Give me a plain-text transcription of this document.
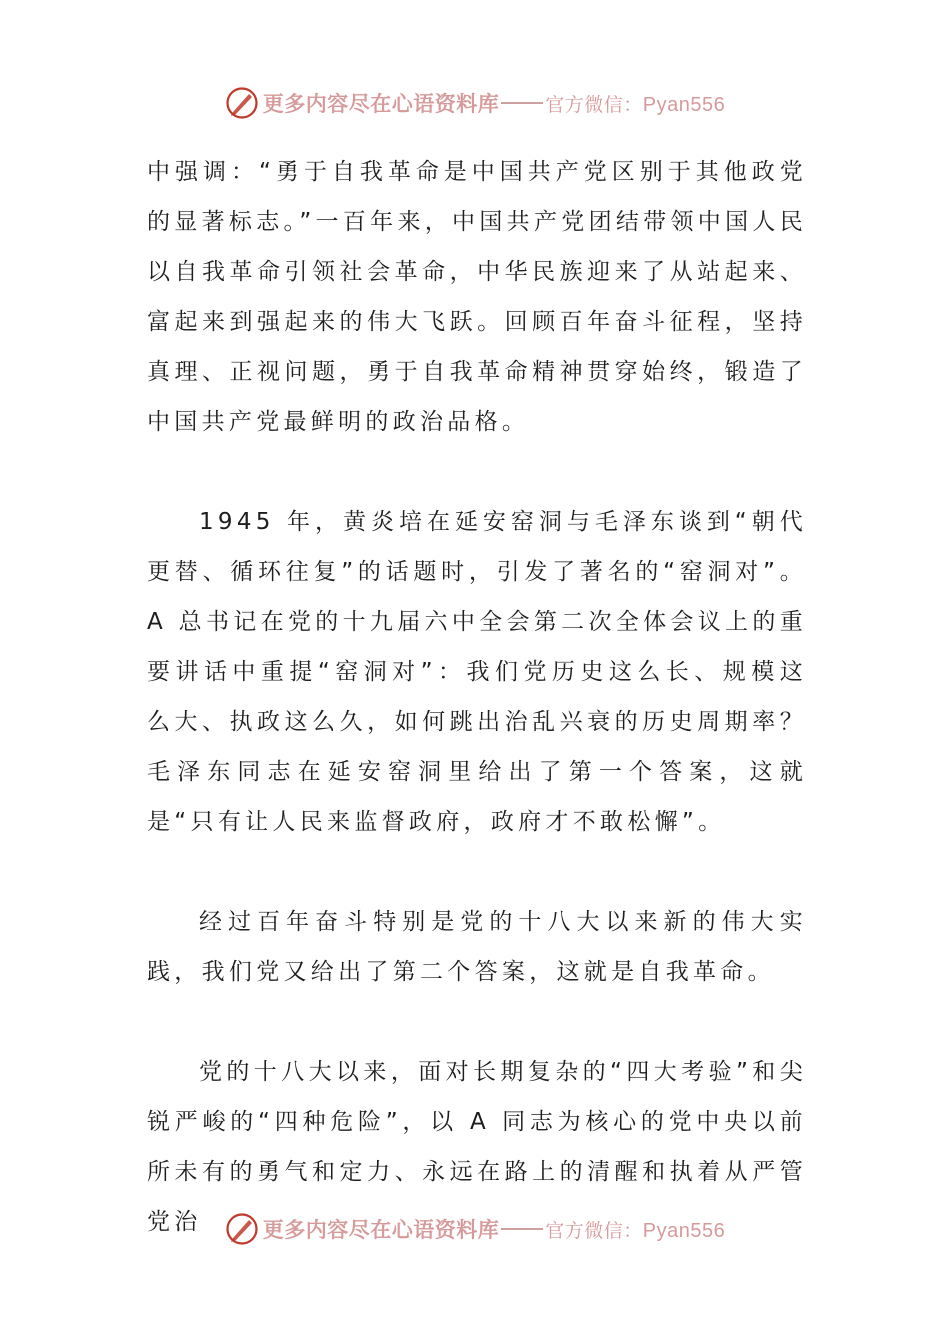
更多内容尽在心语资料库 官方微信：Pyan556

中强调：“勇于自我革命是中国共产党区别于其他政党的显著标志。”一百年来，中国共产党团结带领中国人民以自我革命引领社会革命，中华民族迎来了从站起来、富起来到强起来的伟大飞跃。回顾百年奋斗征程，坚持真理、正视问题，勇于自我革命精神贯穿始终，锻造了中国共产党最鲜明的政治品格。

1945 年，黄炎培在延安窑洞与毛泽东谈到“朝代更替、循环往复”的话题时，引发了著名的“窑洞对”。A 总书记在党的十九届六中全会第二次全体会议上的重要讲话中重提“窑洞对”：我们党历史这么长、规模这么大、执政这么久，如何跳出治乱兴衰的历史周期率？毛泽东同志在延安窑洞里给出了第一个答案，这就是“只有让人民来监督政府，政府才不敢松懈”。

经过百年奋斗特别是党的十八大以来新的伟大实践，我们党又给出了第二个答案，这就是自我革命。

党的十八大以来，面对长期复杂的“四大考验”和尖锐严峻的“四种危险”，以 A 同志为核心的党中央以前所未有的勇气和定力、永远在路上的清醒和执着从严管党治	更多内容尽在心语资料库 官方微信：Pyan556
